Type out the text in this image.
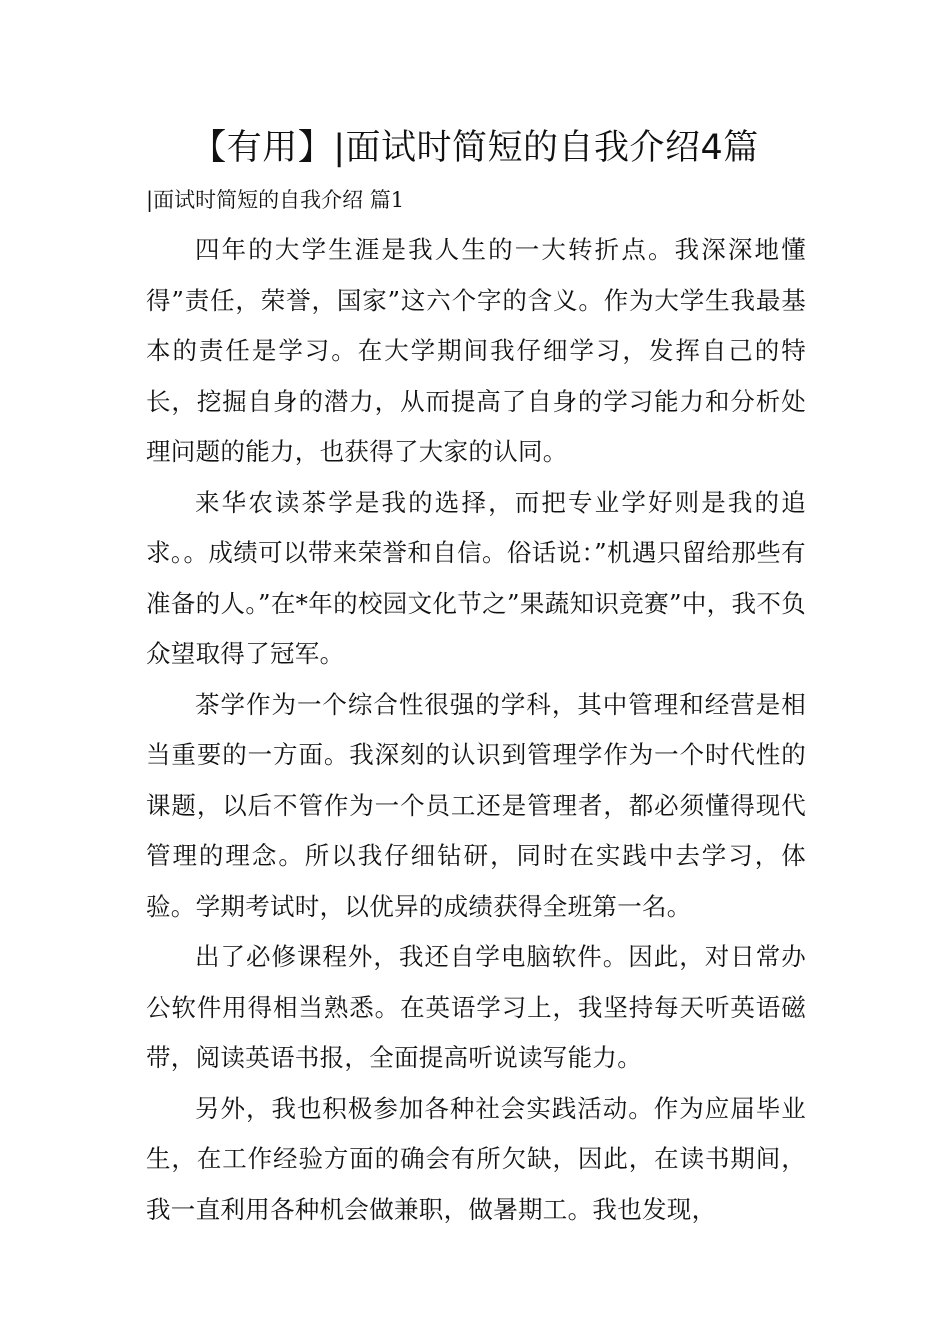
【有用】|面试时简短的自我介绍4篇
|面试时简短的自我介绍 篇1

四年的大学生涯是我人生的一大转折点。我深深地懂得”责任，荣誉，国家”这六个字的含义。作为大学生我最基本的责任是学习。在大学期间我仔细学习，发挥自己的特长，挖掘自身的潜力，从而提高了自身的学习能力和分析处理问题的能力，也获得了大家的认同。

来华农读茶学是我的选择，而把专业学好则是我的追求。。成绩可以带来荣誉和自信。俗话说：”机遇只留给那些有准备的人。”在*年的校园文化节之”果蔬知识竞赛”中，我不负众望取得了冠军。

茶学作为一个综合性很强的学科，其中管理和经营是相当重要的一方面。我深刻的认识到管理学作为一个时代性的课题，以后不管作为一个员工还是管理者，都必须懂得现代管理的理念。所以我仔细钻研，同时在实践中去学习，体验。学期考试时，以优异的成绩获得全班第一名。

出了必修课程外，我还自学电脑软件。因此，对日常办公软件用得相当熟悉。在英语学习上，我坚持每天听英语磁带，阅读英语书报，全面提高听说读写能力。

另外，我也积极参加各种社会实践活动。作为应届毕业生，在工作经验方面的确会有所欠缺，因此，在读书期间，我一直利用各种机会做兼职，做暑期工。我也发现，
